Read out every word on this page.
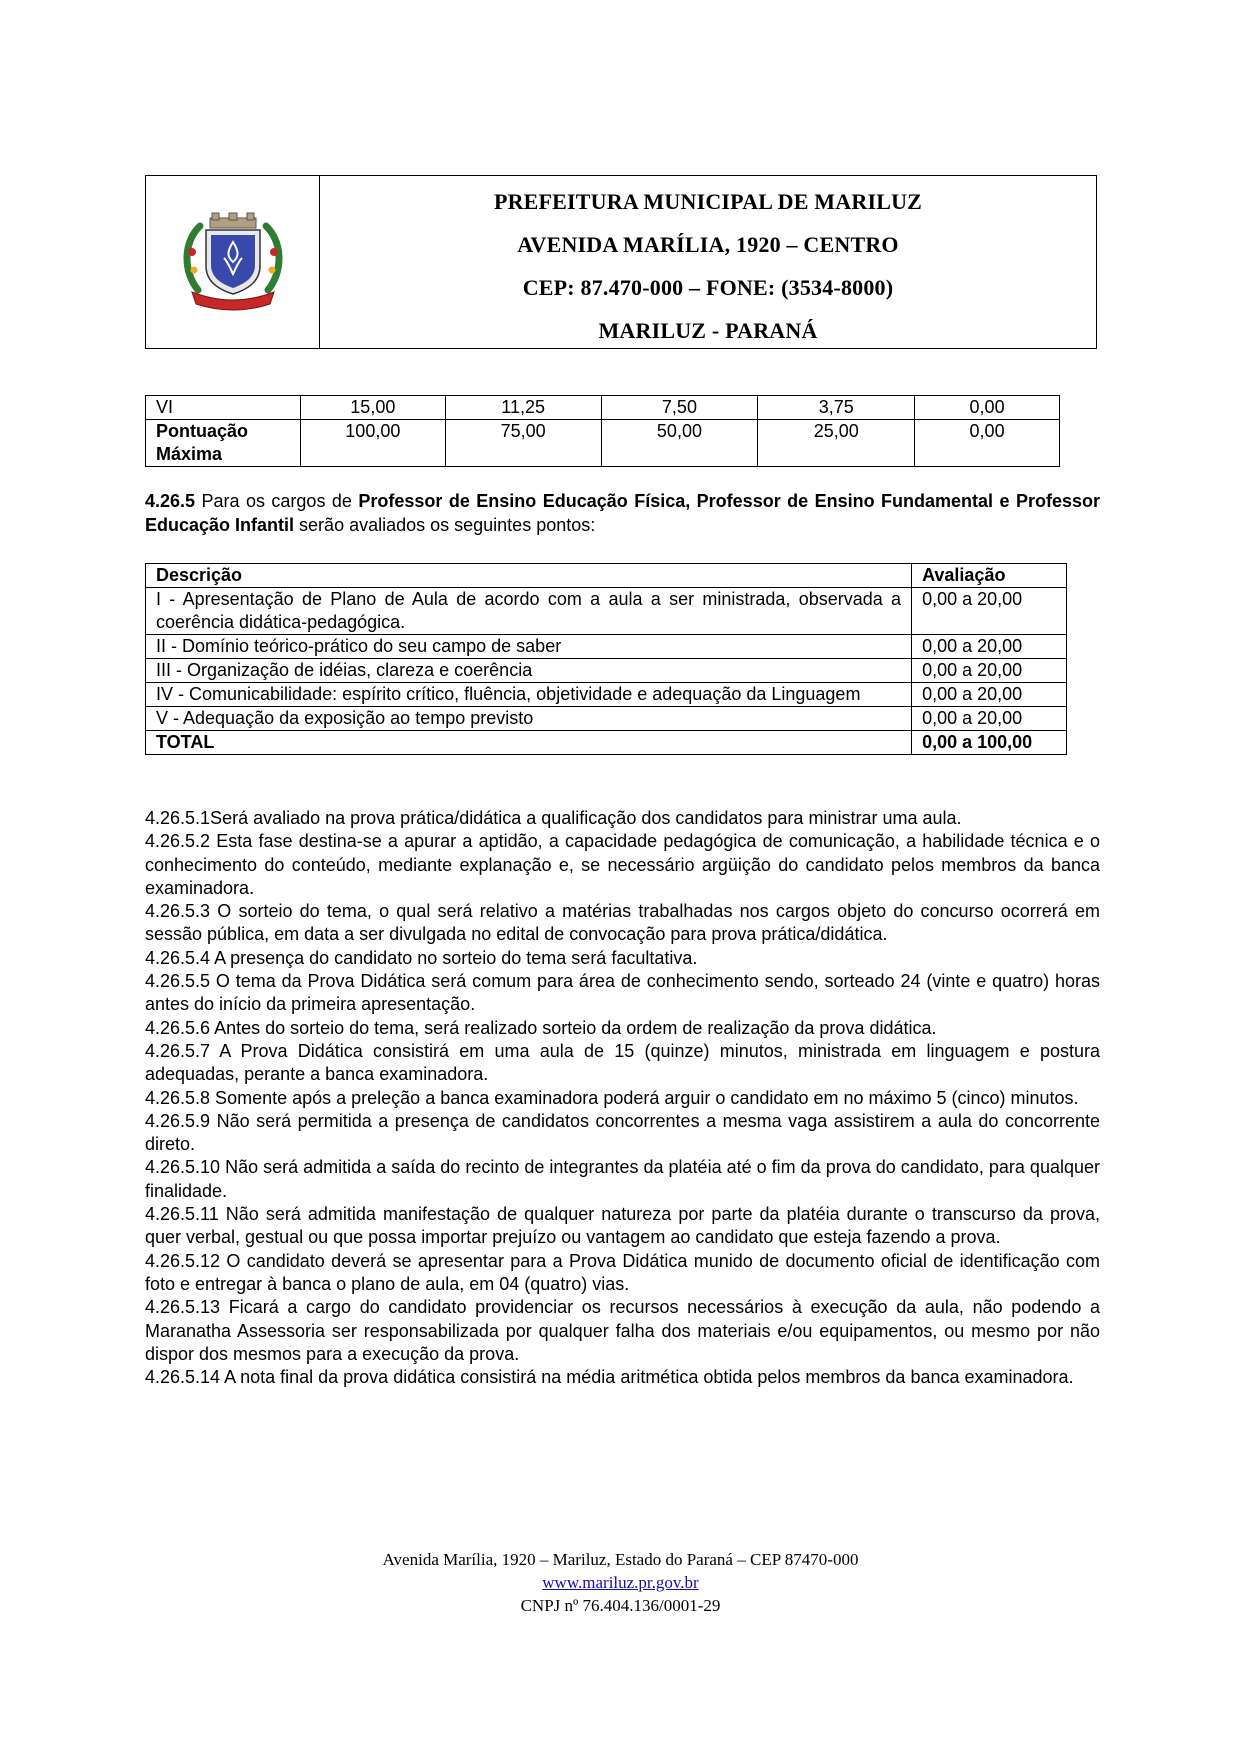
PREFEITURA MUNICIPAL DE MARILUZ
AVENIDA MARÍLIA, 1920 – CENTRO
CEP: 87.470-000 – FONE: (3534-8000)
MARILUZ - PARANÁ
VI	15,00	11,25	7,50	3,75	0,00
Pontuação Máxima	100,00	75,00	50,00	25,00	0,00
4.26.5 Para os cargos de Professor de Ensino Educação Física, Professor de Ensino Fundamental e Professor Educação Infantil serão avaliados os seguintes pontos:
Descrição	Avaliação
I - Apresentação de Plano de Aula de acordo com a aula a ser ministrada, observada a coerência didática-pedagógica.	0,00 a 20,00
II - Domínio teórico-prático do seu campo de saber	0,00 a 20,00
III - Organização de idéias, clareza e coerência	0,00 a 20,00
IV - Comunicabilidade: espírito crítico, fluência, objetividade e adequação da Linguagem	0,00 a 20,00
V - Adequação da exposição ao tempo previsto	0,00 a 20,00
TOTAL	0,00 a 100,00

4.26.5.1Será avaliado na prova prática/didática a qualificação dos candidatos para ministrar uma aula.

4.26.5.2 Esta fase destina-se a apurar a aptidão, a capacidade pedagógica de comunicação, a habilidade técnica e o conhecimento do conteúdo, mediante explanação e, se necessário argüição do candidato pelos membros da banca examinadora.

4.26.5.3 O sorteio do tema, o qual será relativo a matérias trabalhadas nos cargos objeto do concurso ocorrerá em sessão pública, em data a ser divulgada no edital de convocação para prova prática/didática.

4.26.5.4 A presença do candidato no sorteio do tema será facultativa.

4.26.5.5 O tema da Prova Didática será comum para área de conhecimento sendo, sorteado 24 (vinte e quatro) horas antes do início da primeira apresentação.

4.26.5.6 Antes do sorteio do tema, será realizado sorteio da ordem de realização da prova didática.

4.26.5.7 A Prova Didática consistirá em uma aula de 15 (quinze) minutos, ministrada em linguagem e postura adequadas, perante a banca examinadora.

4.26.5.8 Somente após a preleção a banca examinadora poderá arguir o candidato em no máximo 5 (cinco) minutos.

4.26.5.9 Não será permitida a presença de candidatos concorrentes a mesma vaga assistirem a aula do concorrente direto.

4.26.5.10 Não será admitida a saída do recinto de integrantes da platéia até o fim da prova do candidato, para qualquer finalidade.

4.26.5.11 Não será admitida manifestação de qualquer natureza por parte da platéia durante o transcurso da prova, quer verbal, gestual ou que possa importar prejuízo ou vantagem ao candidato que esteja fazendo a prova.

4.26.5.12 O candidato deverá se apresentar para a Prova Didática munido de documento oficial de identificação com foto e entregar à banca o plano de aula, em 04 (quatro) vias.

4.26.5.13 Ficará a cargo do candidato providenciar os recursos necessários à execução da aula, não podendo a Maranatha Assessoria ser responsabilizada por qualquer falha dos materiais e/ou equipamentos, ou mesmo por não dispor dos mesmos para a execução da prova.

4.26.5.14 A nota final da prova didática consistirá na média aritmética obtida pelos membros da banca examinadora.

Avenida Marília, 1920 – Mariluz, Estado do Paraná – CEP 87470-000
www.mariluz.pr.gov.br
CNPJ nº 76.404.136/0001-29
